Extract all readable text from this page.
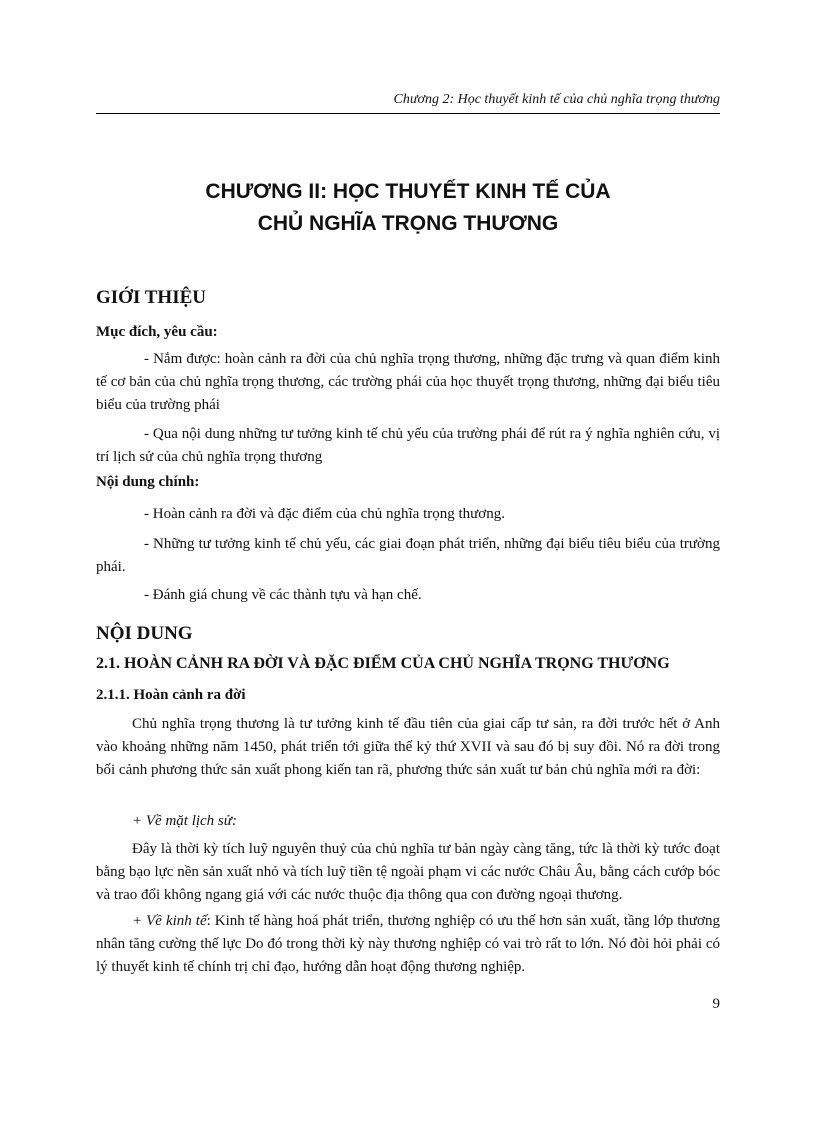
Chương 2: Học thuyết kinh tế của chủ nghĩa trọng thương
CHƯƠNG II: HỌC THUYẾT KINH TẾ CỦA
CHỦ NGHĨA TRỌNG THƯƠNG
GIỚI THIỆU
Mục đích, yêu cầu:
- Nắm được: hoàn cảnh ra đời của chủ nghĩa trọng thương, những đặc trưng và quan điểm kinh tế cơ bản của chủ nghĩa trọng thương, các trường phái của học thuyết trọng thương, những đại biểu tiêu biểu của trường phái
- Qua nội dung những tư tưởng kinh tế chủ yếu của trường phái để rút ra ý nghĩa nghiên cứu, vị trí lịch sử của chủ nghĩa trọng thương
Nội dung chính:
- Hoàn cảnh ra đời và đặc điểm của chủ nghĩa trọng thương.
- Những tư tưởng kinh tế chủ yếu, các giai đoạn phát triển, những đại biểu tiêu biểu của trường phái.
- Đánh giá chung về các thành tựu và hạn chế.
NỘI DUNG
2.1. HOÀN CẢNH RA ĐỜI VÀ ĐẶC ĐIỂM CỦA CHỦ NGHĨA TRỌNG THƯƠNG
2.1.1. Hoàn cảnh ra đời
Chủ nghĩa trọng thương là tư tưởng kinh tế đầu tiên của giai cấp tư sản, ra đời trước hết ở Anh vào khoảng những năm 1450, phát triển tới giữa thế kỷ thứ XVII và sau đó bị suy đồi. Nó ra đời trong bối cảnh phương thức sản xuất phong kiến tan rã, phương thức sản xuất tư bản chủ nghĩa mới ra đời:
+ Về mặt lịch sử:
Đây là thời kỳ tích luỹ nguyên thuỷ của chủ nghĩa tư bản ngày càng tăng, tức là thời kỳ tước đoạt bằng bạo lực nền sản xuất nhỏ và tích luỹ tiền tệ ngoài phạm vi các nước Châu Âu, bằng cách cướp bóc và trao đổi không ngang giá với các nước thuộc địa thông qua con đường ngoại thương.
+ Về kinh tế: Kinh tế hàng hoá phát triển, thương nghiệp có ưu thế hơn sản xuất, tầng lớp thương nhân tăng cường thế lực Do đó trong thời kỳ này thương nghiệp có vai trò rất to lớn. Nó đòi hỏi phải có lý thuyết kinh tế chính trị chỉ đạo, hướng dẫn hoạt động thương nghiệp.
9
